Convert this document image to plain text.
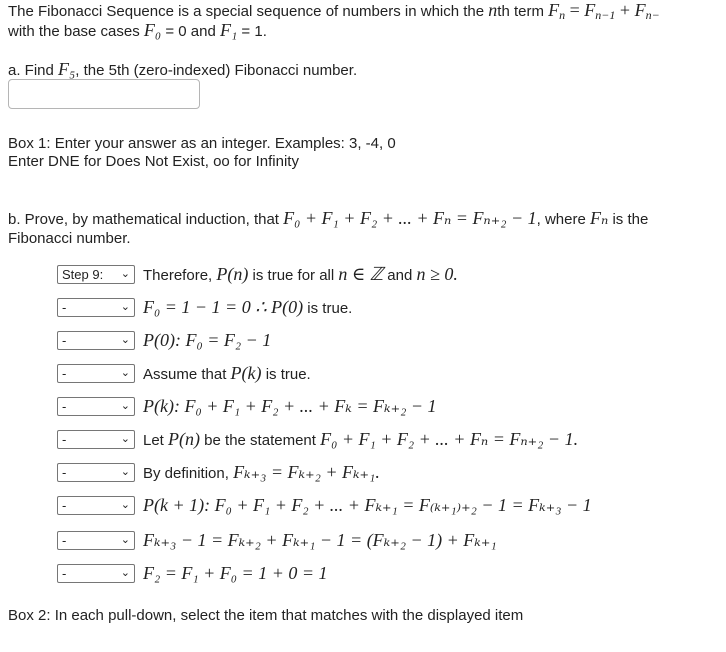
The Fibonacci Sequence is a special sequence of numbers in which the nth term $F_n = F_{n-1} + F_{n-}$
with the base cases F₀ = 0 and F₁ = 1.
a. Find F₅, the 5th (zero-indexed) Fibonacci number.
Box 1: Enter your answer as an integer. Examples: 3, -4, 0
Enter DNE for Does Not Exist, oo for Infinity
b. Prove, by mathematical induction, that F₀ + F₁ + F₂ + ... + Fₙ = Fₙ₊₂ − 1, where Fₙ is the
Fibonacci number.
Step 9: ⌄ Therefore, P(n) is true for all n ∈ ℤ and n ≥ 0.
-	⌄ F₀ = 1 − 1 = 0 ∴ P(0) is true.
-	⌄ P(0): F₀ = F₂ − 1
-	⌄ Assume that P(k) is true.
-	⌄ P(k): F₀ + F₁ + F₂ + ... + Fₖ = Fₖ₊₂ − 1
-	⌄ Let P(n) be the statement F₀ + F₁ + F₂ + ... + Fₙ = Fₙ₊₂ − 1.
-	⌄ By definition, Fₖ₊₃ = Fₖ₊₂ + Fₖ₊₁.
-	⌄ P(k + 1): F₀ + F₁ + F₂ + ... + Fₖ₊₁ = F₍ₖ₊₁₎₊₂ − 1 = Fₖ₊₃ − 1
-	⌄ Fₖ₊₃ − 1 = Fₖ₊₂ + Fₖ₊₁ − 1 = (Fₖ₊₂ − 1) + Fₖ₊₁
-	⌄ F₂ = F₁ + F₀ = 1 + 0 = 1
Box 2: In each pull-down, select the item that matches with the displayed item
